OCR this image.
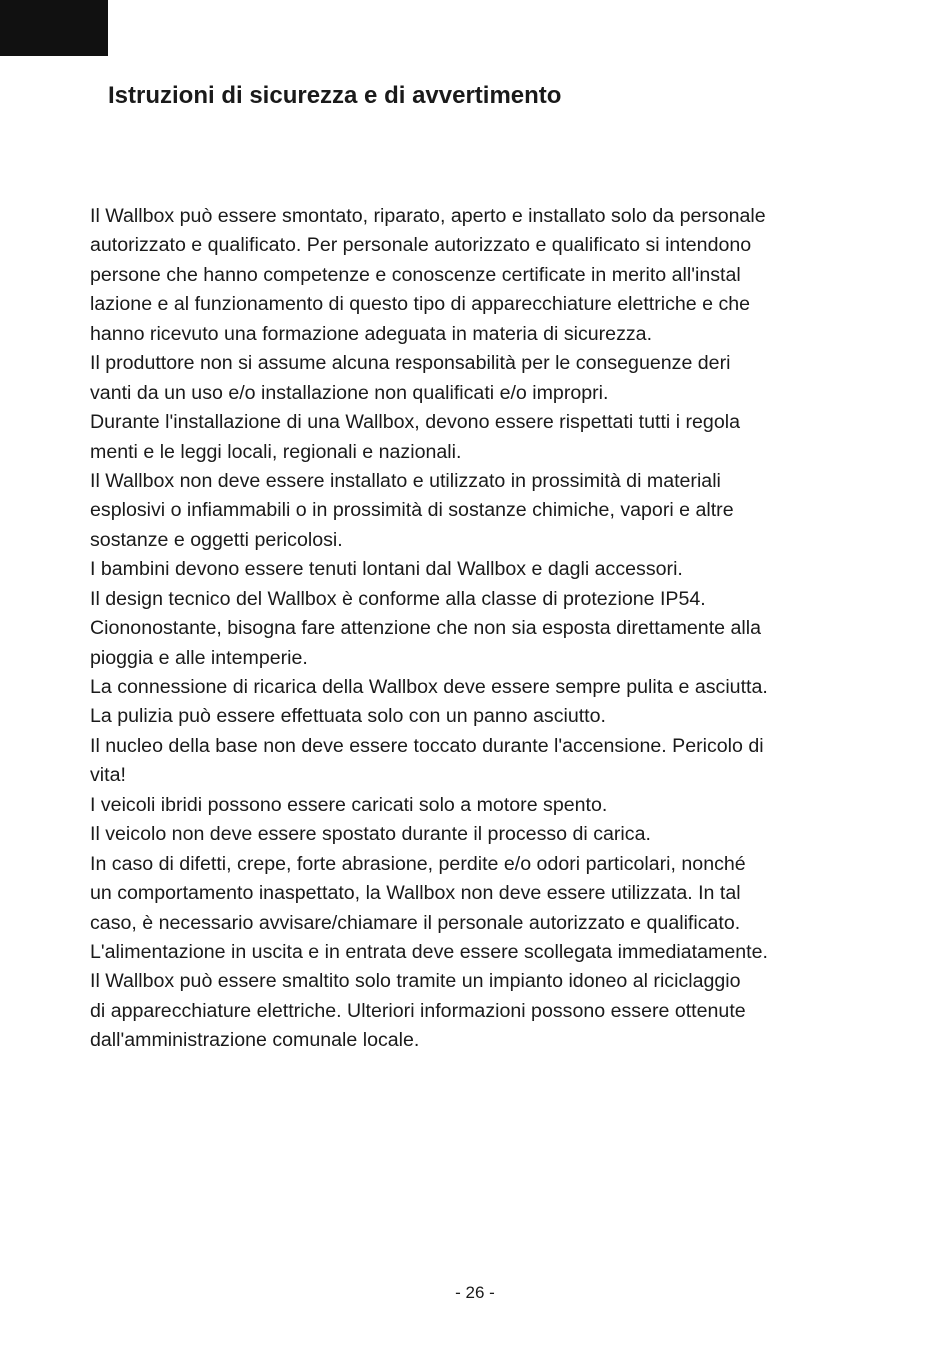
Istruzioni di sicurezza e di avvertimento
Il Wallbox può essere smontato, riparato, aperto e installato solo da personale
autorizzato e qualificato. Per personale autorizzato e qualificato si intendono
persone che hanno competenze e conoscenze certificate in merito all'instal
lazione e al funzionamento di questo tipo di apparecchiature elettriche e che
hanno ricevuto una formazione adeguata in materia di sicurezza.
Il produttore non si assume alcuna responsabilità per le conseguenze deri
vanti da un uso e/o installazione non qualificati e/o impropri.
Durante l'installazione di una Wallbox, devono essere rispettati tutti i regola
menti e le leggi locali, regionali e nazionali.
Il Wallbox non deve essere installato e utilizzato in prossimità di materiali
esplosivi o infiammabili o in prossimità di sostanze chimiche, vapori e altre
sostanze e oggetti pericolosi.
I bambini devono essere tenuti lontani dal Wallbox e dagli accessori.
Il design tecnico del Wallbox è conforme alla classe di protezione IP54.
Ciononostante, bisogna fare attenzione che non sia esposta direttamente alla
pioggia e alle intemperie.
La connessione di ricarica della Wallbox deve essere sempre pulita e asciutta.
La pulizia può essere effettuata solo con un panno asciutto.
Il nucleo della base non deve essere toccato durante l'accensione. Pericolo di
vita!
I veicoli ibridi possono essere caricati solo a motore spento.
Il veicolo non deve essere spostato durante il processo di carica.
In caso di difetti, crepe, forte abrasione, perdite e/o odori particolari, nonché
un comportamento inaspettato, la Wallbox non deve essere utilizzata. In tal
caso, è necessario avvisare/chiamare il personale autorizzato e qualificato.
L'alimentazione in uscita e in entrata deve essere scollegata immediatamente.
Il Wallbox può essere smaltito solo tramite un impianto idoneo al riciclaggio
di apparecchiature elettriche. Ulteriori informazioni possono essere ottenute
dall'amministrazione comunale locale.
- 26 -
